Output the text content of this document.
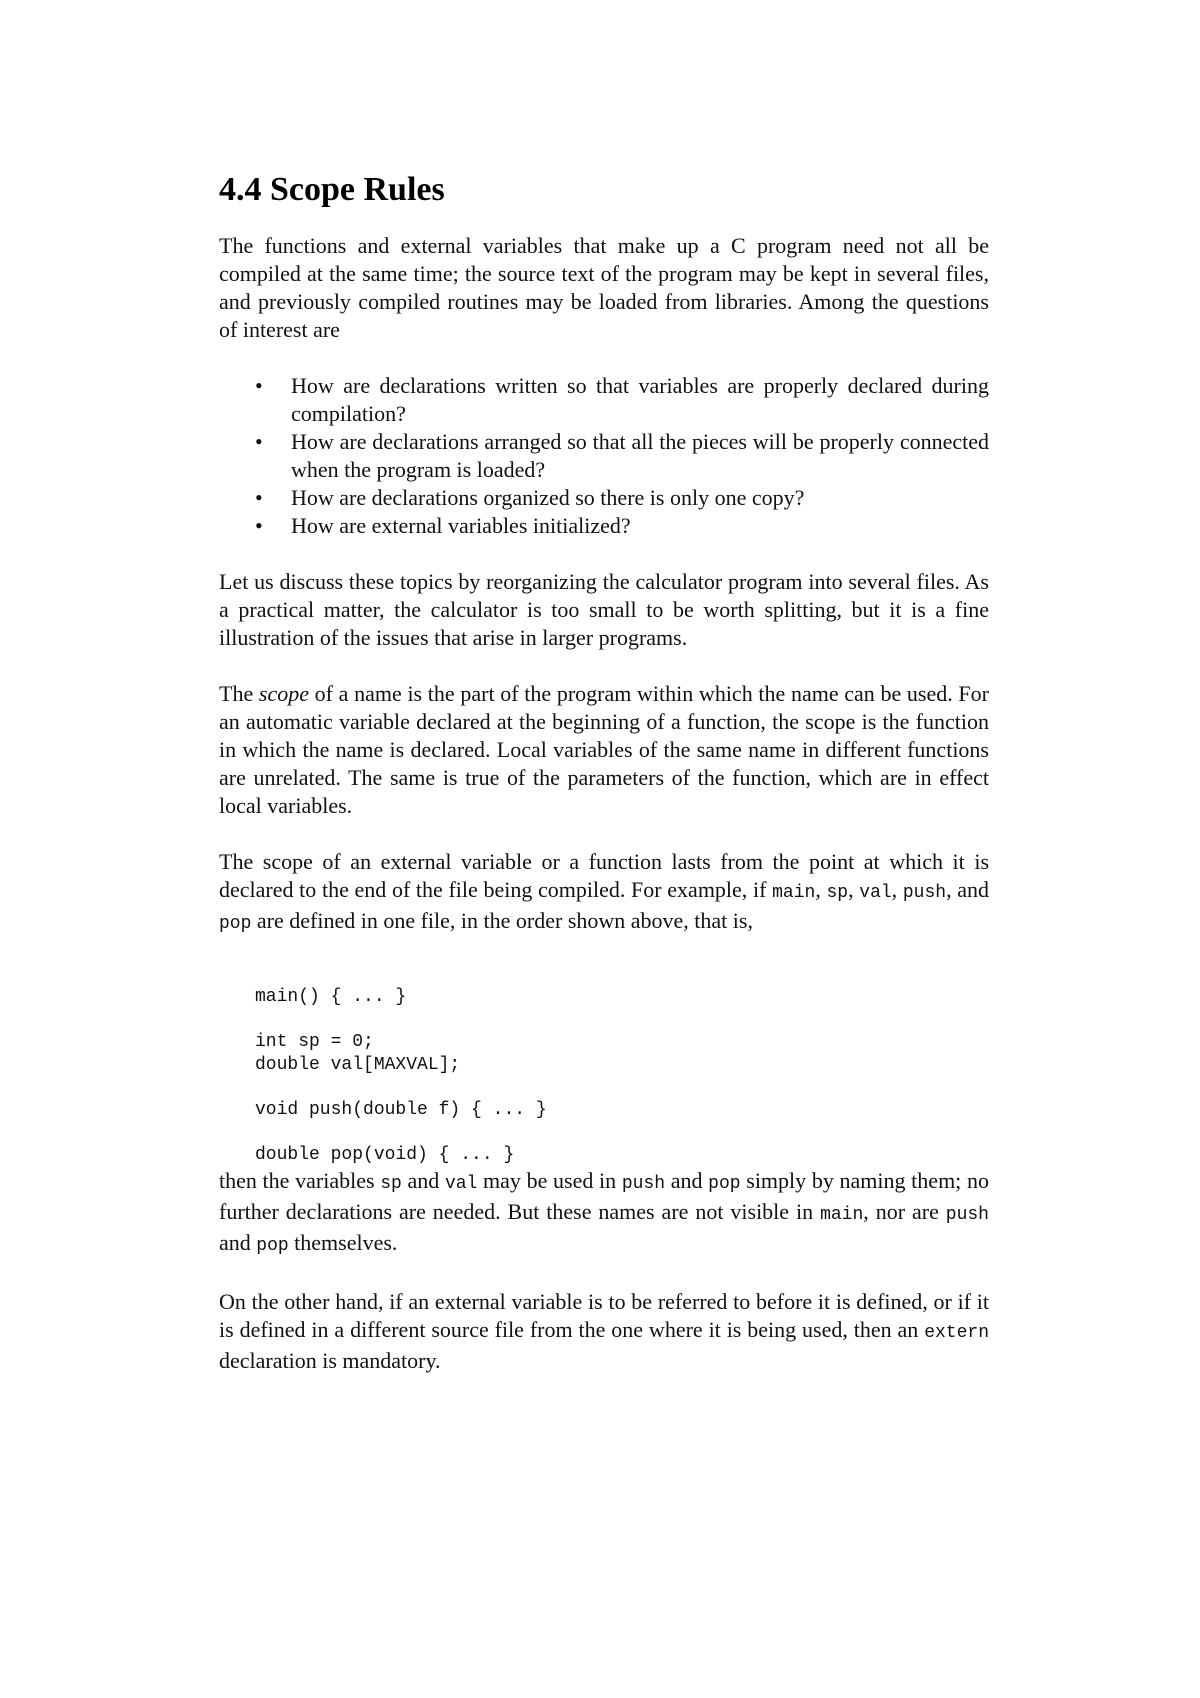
4.4 Scope Rules

The functions and external variables that make up a C program need not all be compiled at the same time; the source text of the program may be kept in several files, and previously compiled routines may be loaded from libraries. Among the questions of interest are

• How are declarations written so that variables are properly declared during compilation?
• How are declarations arranged so that all the pieces will be properly connected when the program is loaded?
• How are declarations organized so there is only one copy?
• How are external variables initialized?

Let us discuss these topics by reorganizing the calculator program into several files. As a practical matter, the calculator is too small to be worth splitting, but it is a fine illustration of the issues that arise in larger programs.

The scope of a name is the part of the program within which the name can be used. For an automatic variable declared at the beginning of a function, the scope is the function in which the name is declared. Local variables of the same name in different functions are unrelated. The same is true of the parameters of the function, which are in effect local variables.

The scope of an external variable or a function lasts from the point at which it is declared to the end of the file being compiled. For example, if main, sp, val, push, and pop are defined in one file, in the order shown above, that is,

main() { ... }

int sp = 0;
double val[MAXVAL];

void push(double f) { ... }

double pop(void) { ... }

then the variables sp and val may be used in push and pop simply by naming them; no further declarations are needed. But these names are not visible in main, nor are push and pop themselves.

On the other hand, if an external variable is to be referred to before it is defined, or if it is defined in a different source file from the one where it is being used, then an extern declaration is mandatory.
